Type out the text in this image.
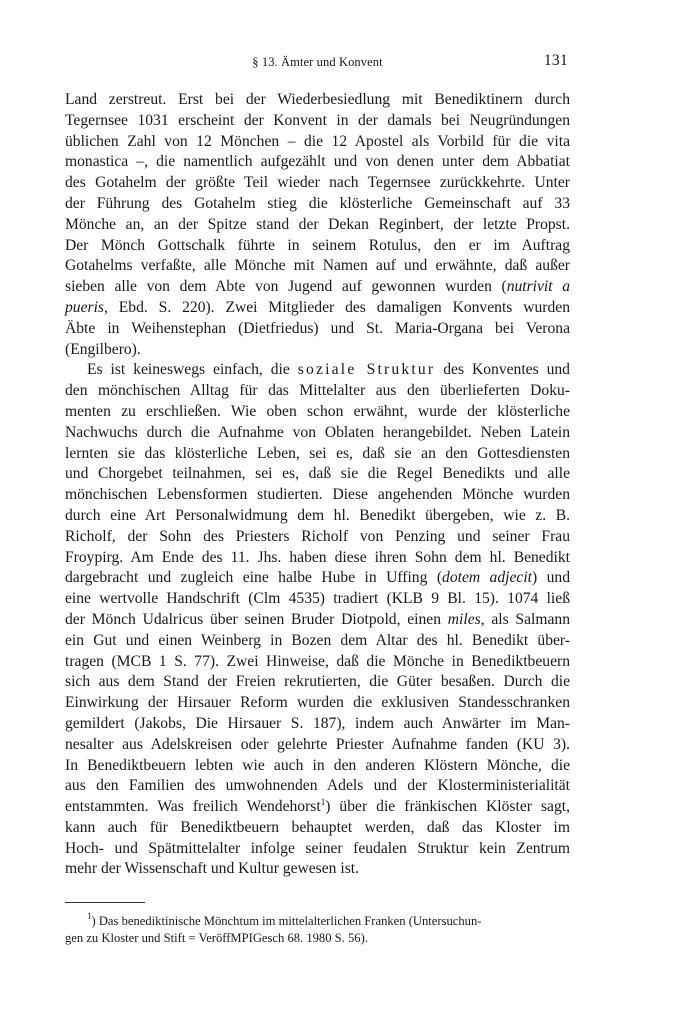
§ 13. Ämter und Konvent	131

Land zerstreut. Erst bei der Wiederbesiedlung mit Benediktinern durch
Tegernsee 1031 erscheint der Konvent in der damals bei Neugründungen
üblichen Zahl von 12 Mönchen – die 12 Apostel als Vorbild für die vita
monastica –, die namentlich aufgezählt und von denen unter dem Abbatiat
des Gotahelm der größte Teil wieder nach Tegernsee zurückkehrte. Unter
der Führung des Gotahelm stieg die klösterliche Gemeinschaft auf 33
Mönche an, an der Spitze stand der Dekan Reginbert, der letzte Propst.
Der Mönch Gottschalk führte in seinem Rotulus, den er im Auftrag
Gotahelms verfaßte, alle Mönche mit Namen auf und erwähnte, daß außer
sieben alle von dem Abte von Jugend auf gewonnen wurden (nutrivit a
pueris, Ebd. S. 220). Zwei Mitglieder des damaligen Konvents wurden
Äbte in Weihenstephan (Dietfriedus) und St. Maria-Organa bei Verona
(Engilbero).

Es ist keineswegs einfach, die soziale Struktur des Konventes und
den mönchischen Alltag für das Mittelalter aus den überlieferten Doku-
menten zu erschließen. Wie oben schon erwähnt, wurde der klösterliche
Nachwuchs durch die Aufnahme von Oblaten herangebildet. Neben Latein
lernten sie das klösterliche Leben, sei es, daß sie an den Gottesdiensten
und Chorgebet teilnahmen, sei es, daß sie die Regel Benedikts und alle
mönchischen Lebensformen studierten. Diese angehenden Mönche wurden
durch eine Art Personalwidmung dem hl. Benedikt übergeben, wie z. B.
Richolf, der Sohn des Priesters Richolf von Penzing und seiner Frau
Froypirg. Am Ende des 11. Jhs. haben diese ihren Sohn dem hl. Benedikt
dargebracht und zugleich eine halbe Hube in Uffing (dotem adjecit) und
eine wertvolle Handschrift (Clm 4535) tradiert (KLB 9 Bl. 15). 1074 ließ
der Mönch Udalricus über seinen Bruder Diotpold, einen miles, als Salmann
ein Gut und einen Weinberg in Bozen dem Altar des hl. Benedikt über-
tragen (MCB 1 S. 77). Zwei Hinweise, daß die Mönche in Benediktbeuern
sich aus dem Stand der Freien rekrutierten, die Güter besaßen. Durch die
Einwirkung der Hirsauer Reform wurden die exklusiven Standesschranken
gemildert (Jakobs, Die Hirsauer S. 187), indem auch Anwärter im Man-
nesalter aus Adelskreisen oder gelehrte Priester Aufnahme fanden (KU 3).
In Benediktbeuern lebten wie auch in den anderen Klöstern Mönche, die
aus den Familien des umwohnenden Adels und der Klosterministerialität
entstammten. Was freilich Wendehorst$^1$) über die fränkischen Klöster sagt,
kann auch für Benediktbeuern behauptet werden, daß das Kloster im
Hoch- und Spätmittelalter infolge seiner feudalen Struktur kein Zentrum
mehr der Wissenschaft und Kultur gewesen ist.

$^1$) Das benediktinische Mönchtum im mittelalterlichen Franken (Untersuchun-
gen zu Kloster und Stift = VeröffMPIGesch 68. 1980 S. 56).
